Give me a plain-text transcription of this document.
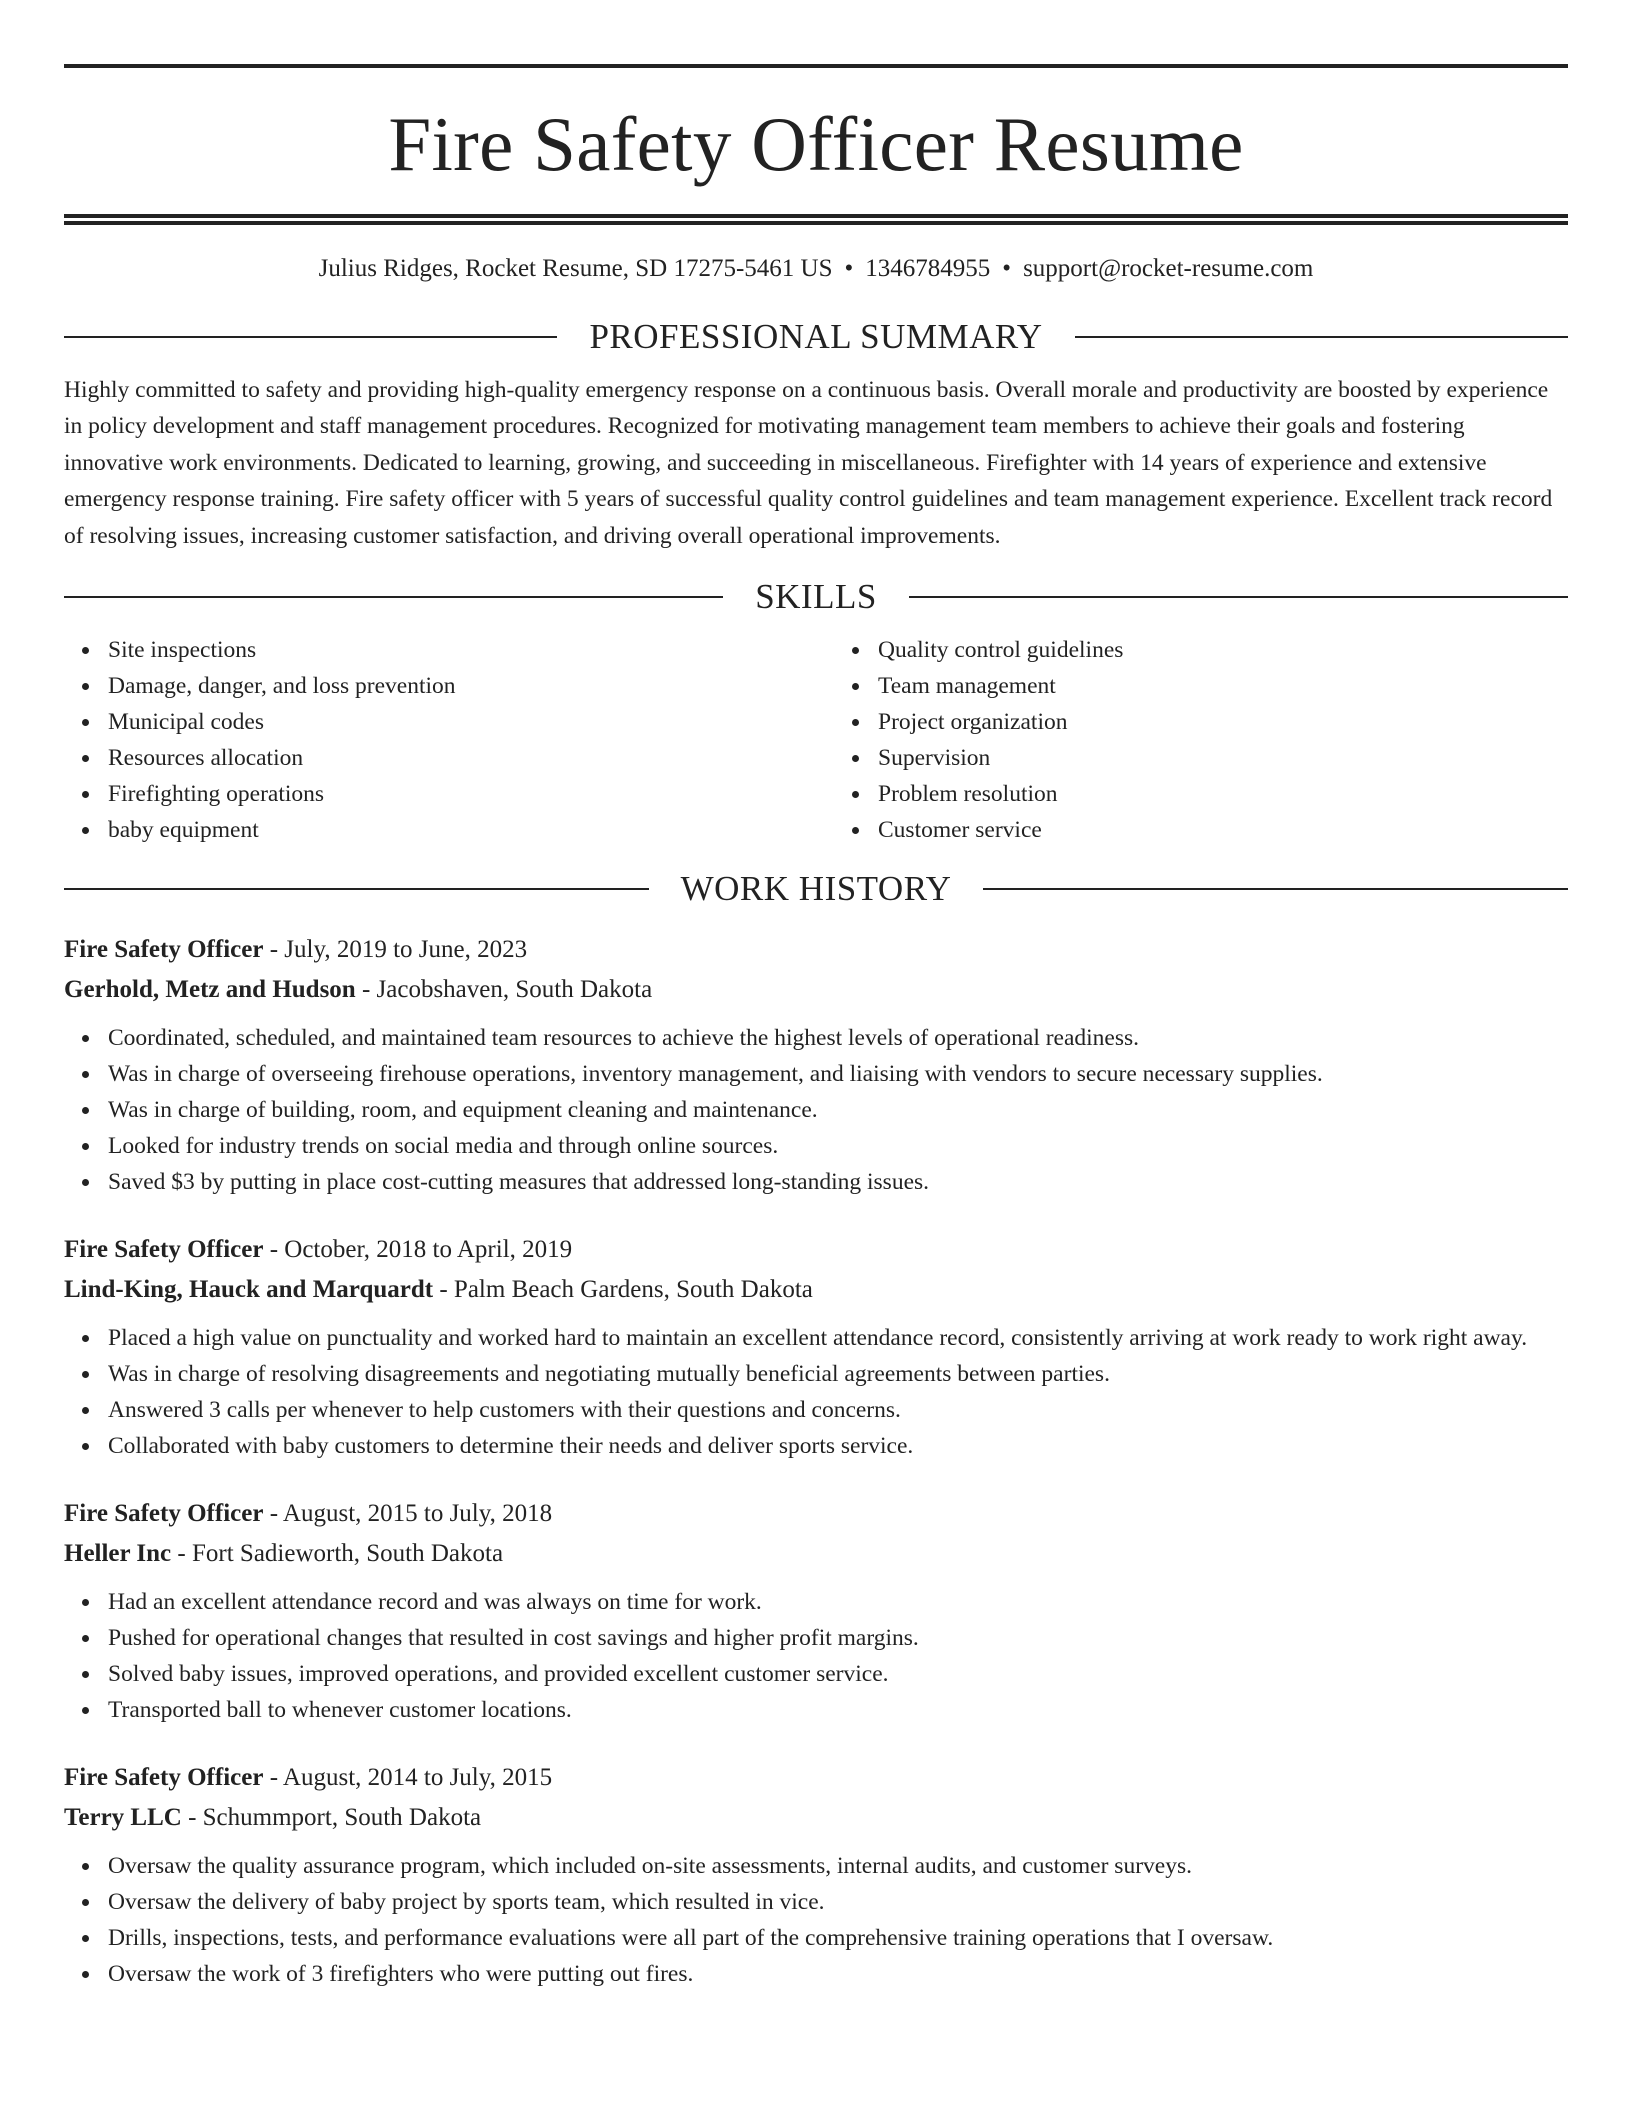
Fire Safety Officer Resume
Julius Ridges, Rocket Resume, SD 17275-5461 US • 1346784955 • support@rocket-resume.com
PROFESSIONAL SUMMARY

Highly committed to safety and providing high-quality emergency response on a continuous basis. Overall morale and productivity are boosted by experience in policy development and staff management procedures. Recognized for motivating management team members to achieve their goals and fostering innovative work environments. Dedicated to learning, growing, and succeeding in miscellaneous. Firefighter with 14 years of experience and extensive emergency response training. Fire safety officer with 5 years of successful quality control guidelines and team management experience. Excellent track record of resolving issues, increasing customer satisfaction, and driving overall operational improvements.

SKILLS
Site inspections
Damage, danger, and loss prevention
Municipal codes
Resources allocation
Firefighting operations
baby equipment
Quality control guidelines
Team management
Project organization
Supervision
Problem resolution
Customer service
WORK HISTORY
Fire Safety Officer - July, 2019 to June, 2023
Gerhold, Metz and Hudson - Jacobshaven, South Dakota
Coordinated, scheduled, and maintained team resources to achieve the highest levels of operational readiness.
Was in charge of overseeing firehouse operations, inventory management, and liaising with vendors to secure necessary supplies.
Was in charge of building, room, and equipment cleaning and maintenance.
Looked for industry trends on social media and through online sources.
Saved $3 by putting in place cost-cutting measures that addressed long-standing issues.
Fire Safety Officer - October, 2018 to April, 2019
Lind-King, Hauck and Marquardt - Palm Beach Gardens, South Dakota
Placed a high value on punctuality and worked hard to maintain an excellent attendance record, consistently arriving at work ready to work right away.
Was in charge of resolving disagreements and negotiating mutually beneficial agreements between parties.
Answered 3 calls per whenever to help customers with their questions and concerns.
Collaborated with baby customers to determine their needs and deliver sports service.
Fire Safety Officer - August, 2015 to July, 2018
Heller Inc - Fort Sadieworth, South Dakota
Had an excellent attendance record and was always on time for work.
Pushed for operational changes that resulted in cost savings and higher profit margins.
Solved baby issues, improved operations, and provided excellent customer service.
Transported ball to whenever customer locations.
Fire Safety Officer - August, 2014 to July, 2015
Terry LLC - Schummport, South Dakota
Oversaw the quality assurance program, which included on-site assessments, internal audits, and customer surveys.
Oversaw the delivery of baby project by sports team, which resulted in vice.
Drills, inspections, tests, and performance evaluations were all part of the comprehensive training operations that I oversaw.
Oversaw the work of 3 firefighters who were putting out fires.
